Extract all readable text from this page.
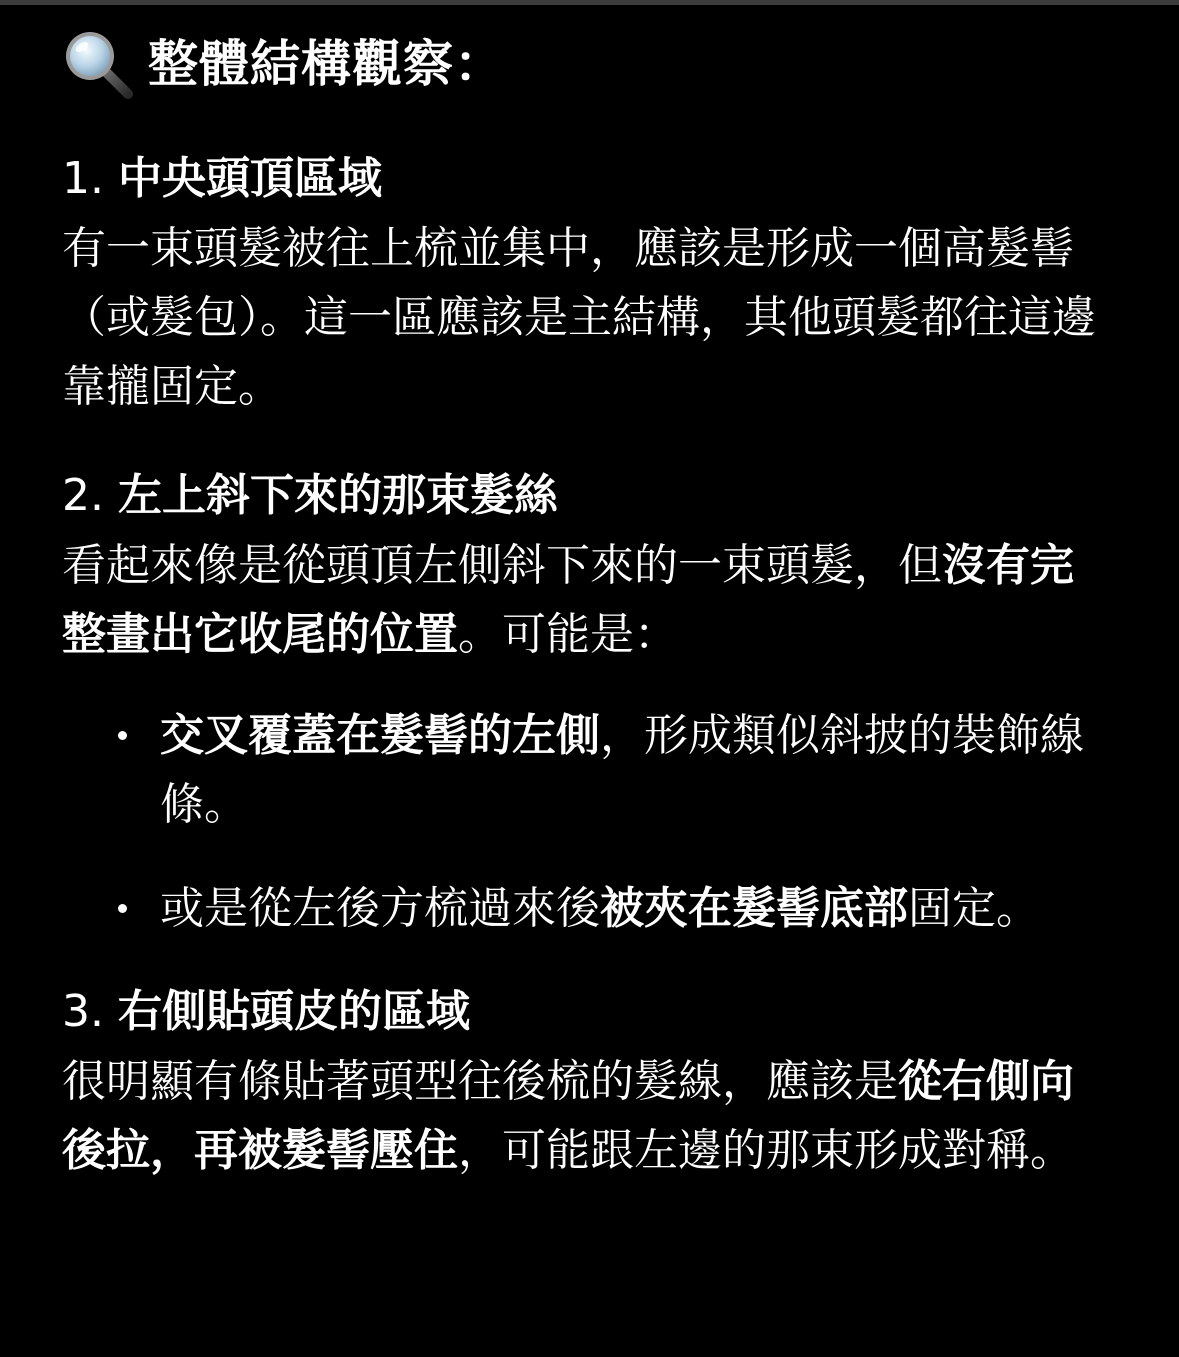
整體結構觀察：
1. 中央頭頂區域
有一束頭髮被往上梳並集中，應該是形成一個高髮髻（或髮包）。這一區應該是主結構，其他頭髮都往這邊靠攏固定。
2. 左上斜下來的那束髮絲
看起來像是從頭頂左側斜下來的一束頭髮，但沒有完整畫出它收尾的位置。可能是：
交叉覆蓋在髮髻的左側，形成類似斜披的裝飾線條。
或是從左後方梳過來後被夾在髮髻底部固定。
3. 右側貼頭皮的區域
很明顯有條貼著頭型往後梳的髮線，應該是從右側向後拉，再被髮髻壓住，可能跟左邊的那束形成對稱。
